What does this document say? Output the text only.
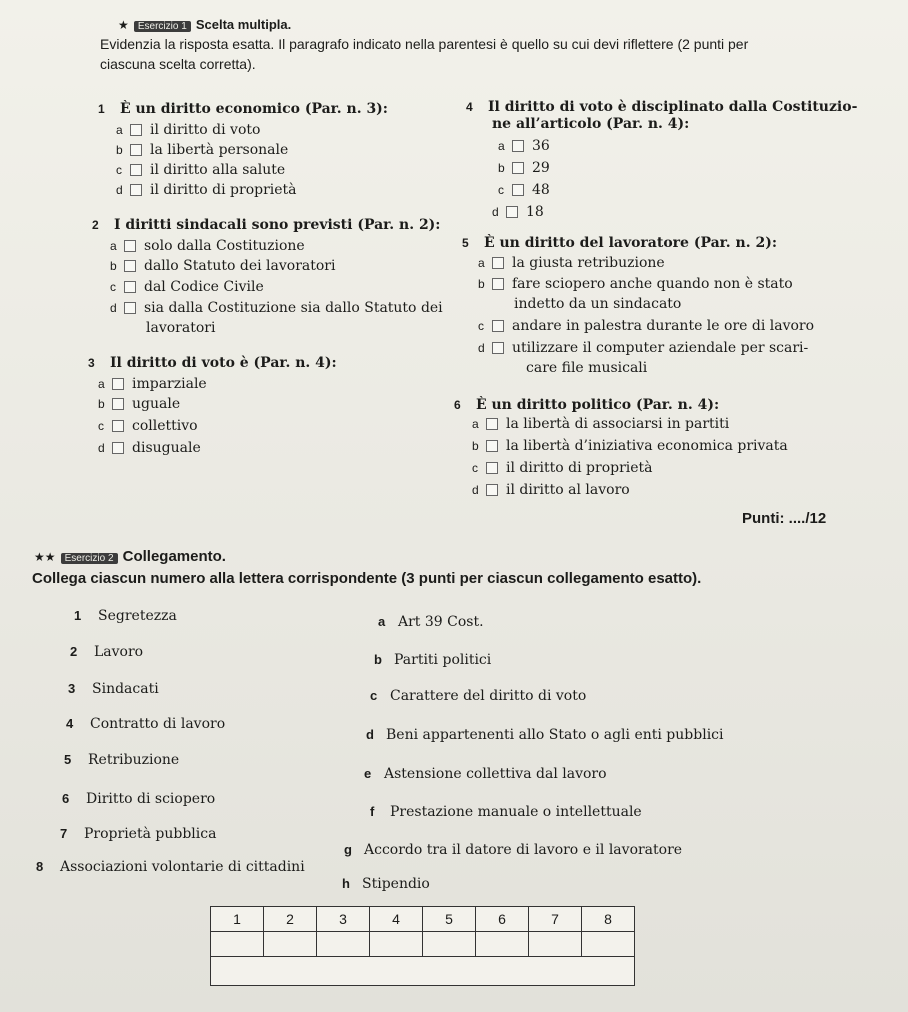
★ Esercizio 1 Scelta multipla.
Evidenzia la risposta esatta. Il paragrafo indicato nella parentesi è quello su cui devi riflettere (2 punti per
ciascuna scelta corretta).
1 È un diritto economico (Par. n. 3):
a	il diritto di voto
b	la libertà personale
c	il diritto alla salute
d	il diritto di proprietà
2 I diritti sindacali sono previsti (Par. n. 2):
a	solo dalla Costituzione
b	dallo Statuto dei lavoratori
c	dal Codice Civile
d	sia dalla Costituzione sia dallo Statuto dei
lavoratori
3 Il diritto di voto è (Par. n. 4):
a	imparziale
b	uguale
c	collettivo
d	disuguale
4 Il diritto di voto è disciplinato dalla Costituzio-
ne all’articolo (Par. n. 4):
a	36
b	29
c	48
d	18
5 È un diritto del lavoratore (Par. n. 2):
a	la giusta retribuzione
b	fare sciopero anche quando non è stato
indetto da un sindacato
c	andare in palestra durante le ore di lavoro
d	utilizzare il computer aziendale per scari-
care file musicali
6 È un diritto politico (Par. n. 4):
a	la libertà di associarsi in partiti
b	la libertà d’iniziativa economica privata
c	il diritto di proprietà
d	il diritto al lavoro
Punti: ..../12
★★ Esercizio 2 Collegamento.
Collega ciascun numero alla lettera corrispondente (3 punti per ciascun collegamento esatto).
1	Segretezza
2	Lavoro
3	Sindacati
4	Contratto di lavoro
5	Retribuzione
6	Diritto di sciopero
7	Proprietà pubblica
8	Associazioni volontarie di cittadini
a Art 39 Cost.
b Partiti politici
c Carattere del diritto di voto
d Beni appartenenti allo Stato o agli enti pubblici
e Astensione collettiva dal lavoro
f	Prestazione manuale o intellettuale
g Accordo tra il datore di lavoro e il lavoratore
h Stipendio
1	2	3	4	5	6	7	8
